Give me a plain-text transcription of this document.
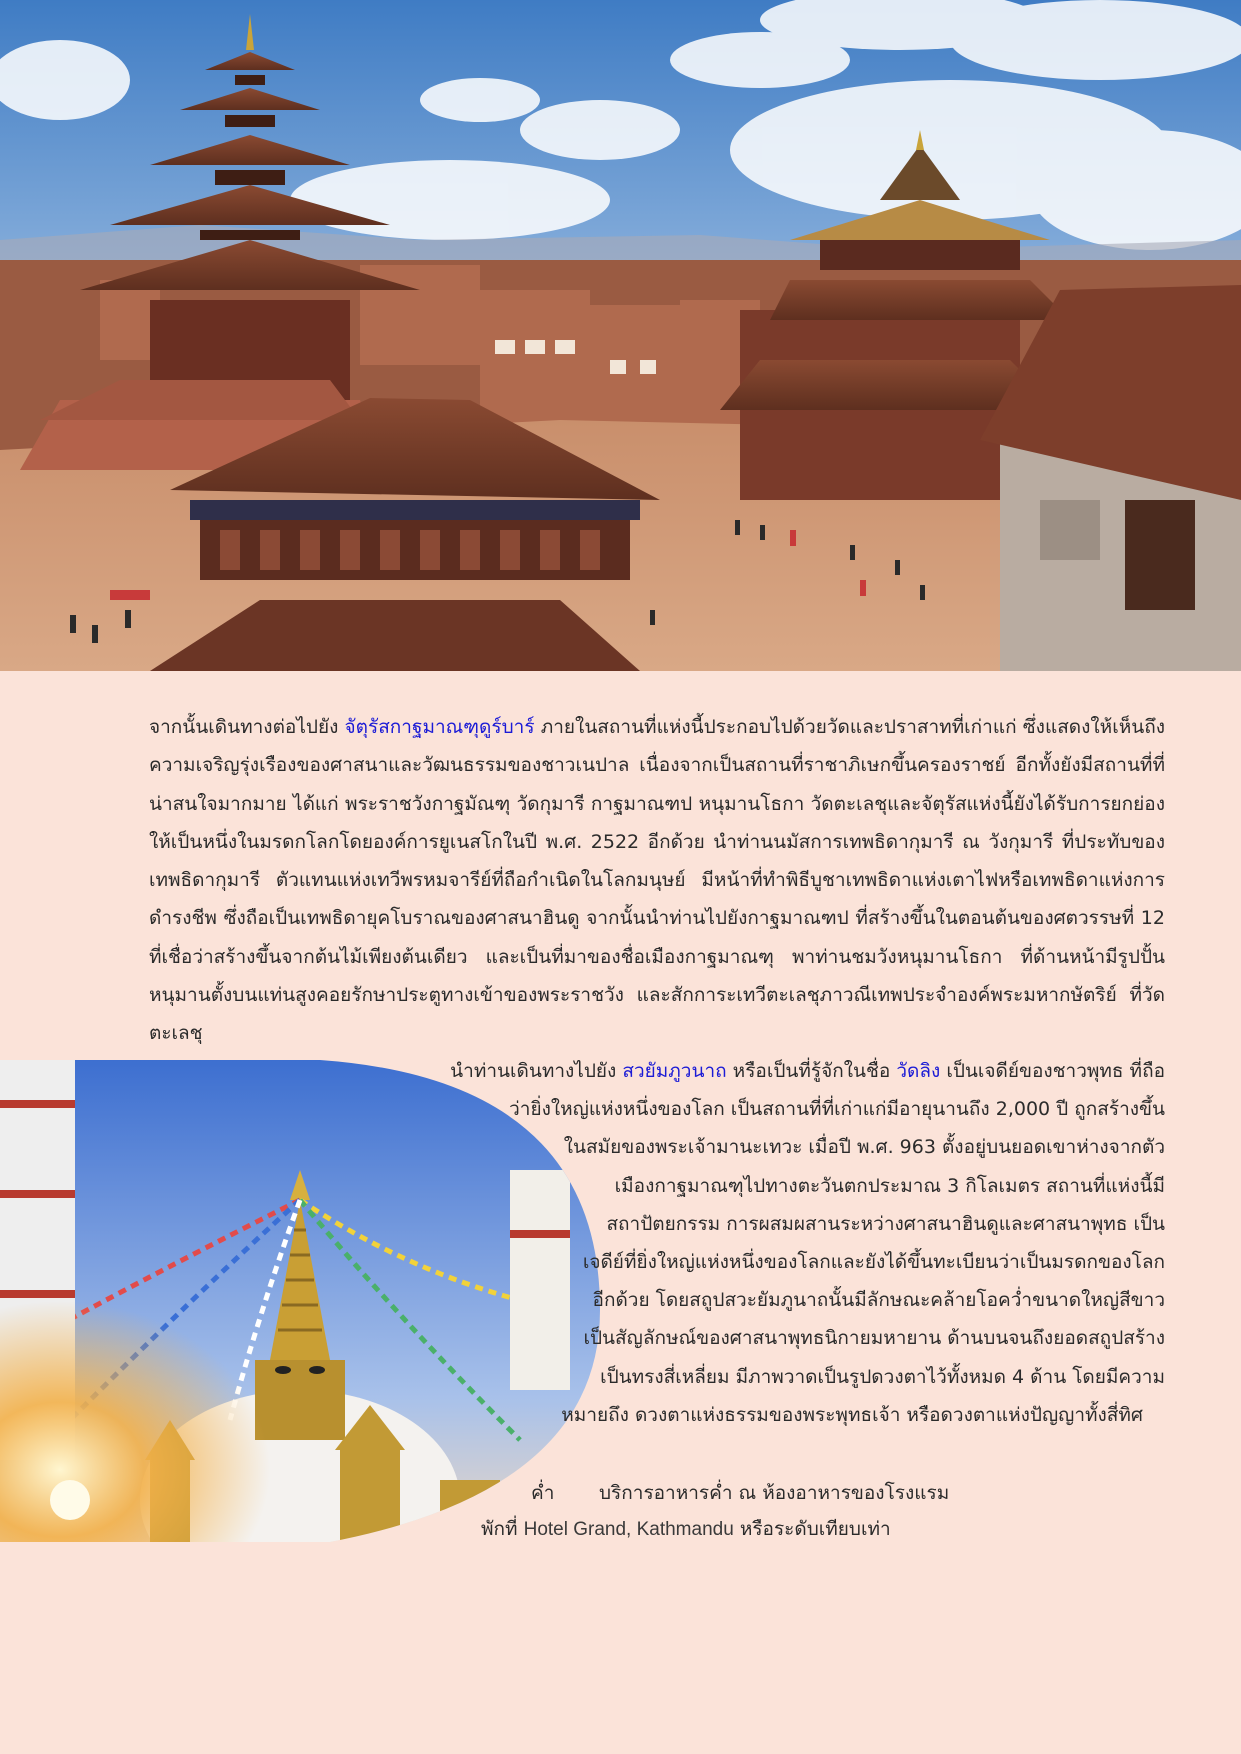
จากนั้นเดินทางต่อไปยัง จัตุรัสกาฐมาณฑุดูร์บาร์ ภายในสถานที่แห่งนี้ประกอบไปด้วยวัดและปราสาทที่เก่าแก่ ซึ่งแสดงให้เห็นถึงความเจริญรุ่งเรืองของศาสนาและวัฒนธรรมของชาวเนปาล เนื่องจากเป็นสถานที่ราชาภิเษกขึ้นครองราชย์ อีกทั้งยังมีสถานที่ที่น่าสนใจมากมาย ได้แก่ พระราชวังกาฐมัณฑุ วัดกุมารี กาฐมาณฑป หนุมานโธกา วัดตะเลชุและจัตุรัสแห่งนี้ยังได้รับการยกย่องให้เป็นหนึ่งในมรดกโลกโดยองค์การยูเนสโกในปี พ.ศ. 2522 อีกด้วย นำท่านนมัสการเทพธิดากุมารี ณ วังกุมารี ที่ประทับของเทพธิดากุมารี ตัวแทนแห่งเทวีพรหมจารีย์ที่ถือกำเนิดในโลกมนุษย์ มีหน้าที่ทำพิธีบูชาเทพธิดาแห่งเตาไฟหรือเทพธิดาแห่งการดำรงชีพ ซึ่งถือเป็นเทพธิดายุคโบราณของศาสนาฮินดู จากนั้นนำท่านไปยังกาฐมาณฑป ที่สร้างขึ้นในตอนต้นของศตวรรษที่ 12 ที่เชื่อว่าสร้างขึ้นจากต้นไม้เพียงต้นเดียว และเป็นที่มาของชื่อเมืองกาฐมาณฑุ พาท่านชมวังหนุมานโธกา ที่ด้านหน้ามีรูปปั้นหนุมานตั้งบนแท่นสูงคอยรักษาประตูทางเข้าของพระราชวัง และสักการะเทวีตะเลชุภาวณีเทพประจำองค์พระมหากษัตริย์ ที่วัดตะเลชุ

นำท่านเดินทางไปยัง สวยัมภูวนาถ หรือเป็นที่รู้จักในชื่อ วัดลิง เป็นเจดีย์ของชาวพุทธ ที่ถือ
ว่ายิ่งใหญ่แห่งหนึ่งของโลก เป็นสถานที่ที่เก่าแก่มีอายุนานถึง 2,000 ปี ถูกสร้างขึ้น
ในสมัยของพระเจ้ามานะเทวะ เมื่อปี พ.ศ. 963 ตั้งอยู่บนยอดเขาห่างจากตัว
เมืองกาฐมาณฑุไปทางตะวันตกประมาณ 3 กิโลเมตร สถานที่แห่งนี้มี
สถาปัตยกรรม การผสมผสานระหว่างศาสนาฮินดูและศาสนาพุทธ เป็น
เจดีย์ที่ยิ่งใหญ่แห่งหนึ่งของโลกและยังได้ขึ้นทะเบียนว่าเป็นมรดกของโลก
อีกด้วย โดยสถูปสวะยัมภูนาถนั้นมีลักษณะคล้ายโอคว่ำขนาดใหญ่สีขาว
เป็นสัญลักษณ์ของศาสนาพุทธนิกายมหายาน ด้านบนจนถึงยอดสถูปสร้าง
เป็นทรงสี่เหลี่ยม มีภาพวาดเป็นรูปดวงตาไว้ทั้งหมด 4 ด้าน โดยมีความ
หมายถึง ดวงตาแห่งธรรมของพระพุทธเจ้า หรือดวงตาแห่งปัญญาทั้งสี่ทิศ
ค่ำ บริการอาหารค่ำ ณ ห้องอาหารของโรงแรม
พักที่ Hotel Grand, Kathmandu หรือระดับเทียบเท่า
